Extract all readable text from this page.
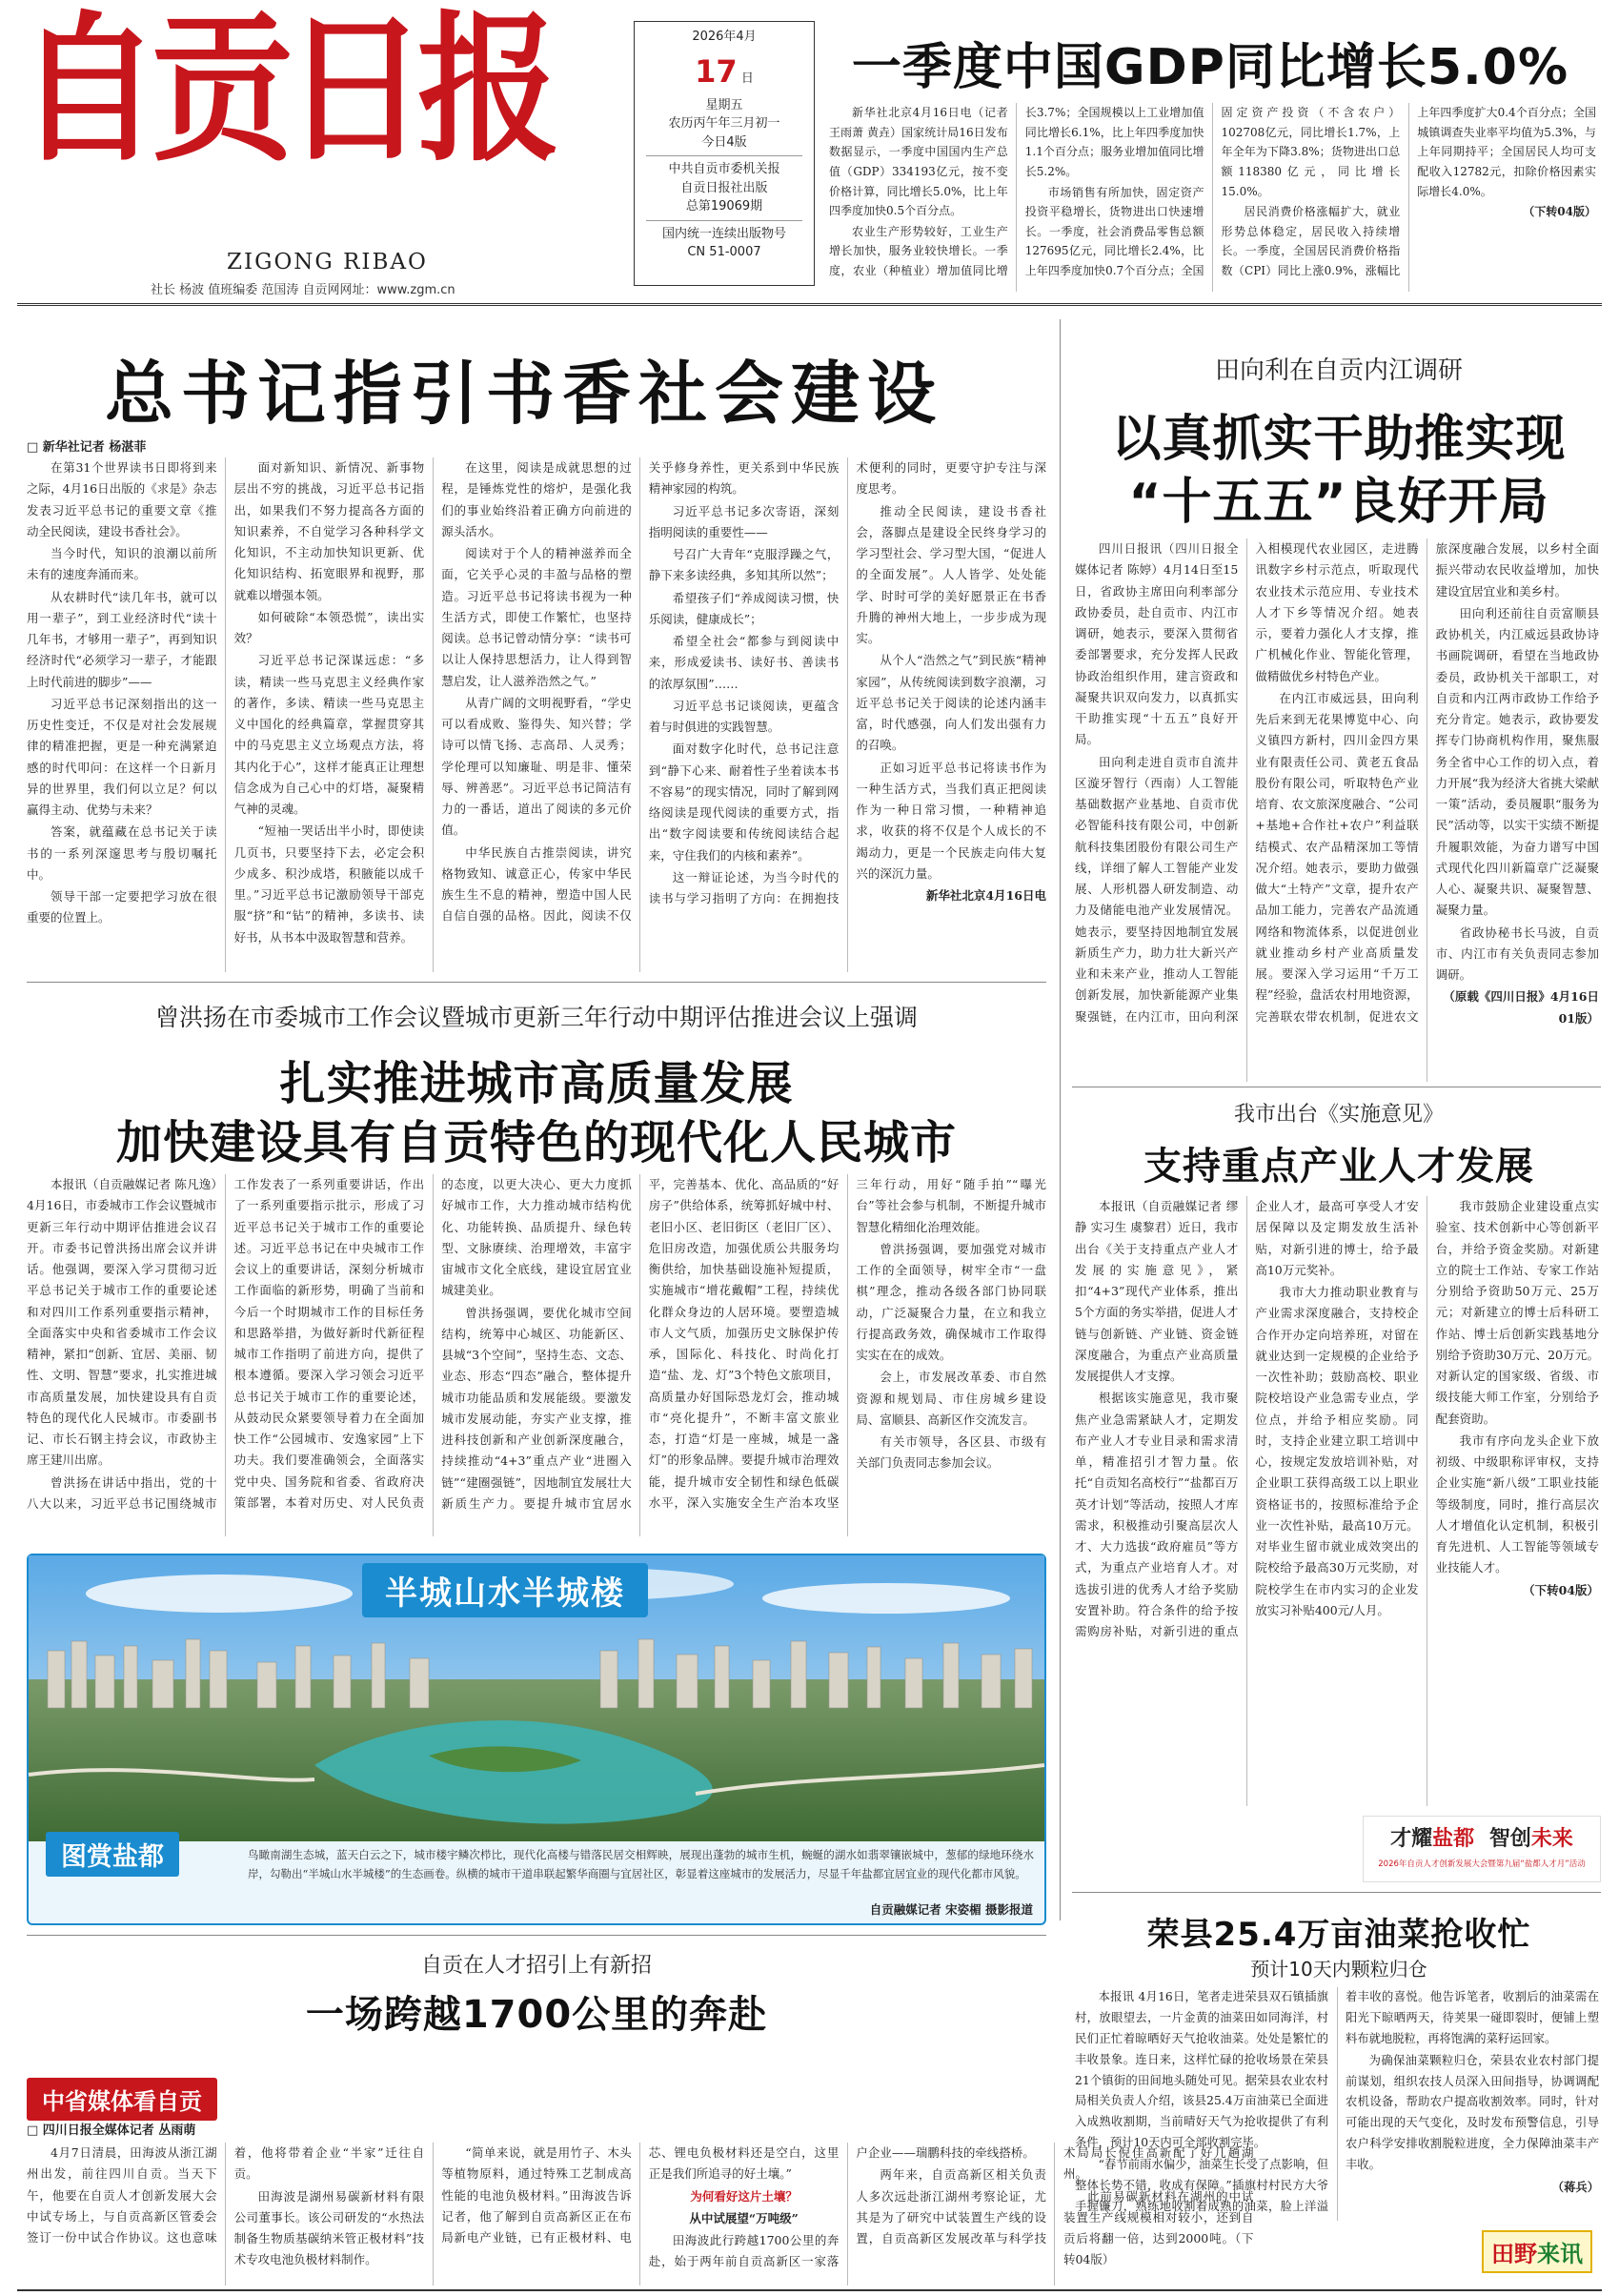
自贡日报
ZIGONG RIBAO
社长 杨波 值班编委 范国涛 自贡网网址：www.zgm.cn
2026年4月
17 日
星期五
农历丙午年三月初一
今日4版
中共自贡市委机关报
自贡日报社出版
总第19069期
国内统一连续出版物号
CN 51-0007
一季度中国GDP同比增长5.0%

新华社北京4月16日电（记者 王雨萧 黄垚）国家统计局16日发布数据显示，一季度中国国内生产总值（GDP）334193亿元，按不变价格计算，同比增长5.0%，比上年四季度加快0.5个百分点。

农业生产形势较好，工业生产增长加快，服务业较快增长。一季度，农业（种植业）增加值同比增长3.7%；全国规模以上工业增加值同比增长6.1%，比上年四季度加快1.1个百分点；服务业增加值同比增长5.2%。

市场销售有所加快，固定资产投资平稳增长，货物进出口快速增长。一季度，社会消费品零售总额127695亿元，同比增长2.4%，比上年四季度加快0.7个百分点；全国固定资产投资（不含农户）102708亿元，同比增长1.7%，上年全年为下降3.8%；货物进出口总额118380亿元，同比增长15.0%。

居民消费价格涨幅扩大，就业形势总体稳定，居民收入持续增长。一季度，全国居民消费价格指数（CPI）同比上涨0.9%，涨幅比上年四季度扩大0.4个百分点；全国城镇调查失业率平均值为5.3%，与上年同期持平；全国居民人均可支配收入12782元，扣除价格因素实际增长4.0%。

（下转04版）

总书记指引书香社会建设
□ 新华社记者 杨湛菲

在第31个世界读书日即将到来之际，4月16日出版的《求是》杂志发表习近平总书记的重要文章《推动全民阅读，建设书香社会》。

当今时代，知识的浪潮以前所未有的速度奔涌而来。

从农耕时代“读几年书，就可以用一辈子”，到工业经济时代“读十几年书，才够用一辈子”，再到知识经济时代“必须学习一辈子，才能跟上时代前进的脚步”——

习近平总书记深刻指出的这一历史性变迁，不仅是对社会发展规律的精准把握，更是一种充满紧迫感的时代叩问：在这样一个日新月异的世界里，我们何以立足？何以赢得主动、优势与未来？

答案，就蕴藏在总书记关于读书的一系列深邃思考与殷切嘱托中。

领导干部一定要把学习放在很重要的位置上。

面对新知识、新情况、新事物层出不穷的挑战，习近平总书记指出，如果我们不努力提高各方面的知识素养，不自觉学习各种科学文化知识，不主动加快知识更新、优化知识结构、拓宽眼界和视野，那就难以增强本领。

如何破除“本领恐慌”，读出实效？

习近平总书记深谋远虑：“多读，精读一些马克思主义经典作家的著作，多读、精读一些马克思主义中国化的经典篇章，掌握贯穿其中的马克思主义立场观点方法，将其内化于心”，这样才能真正让理想信念成为自己心中的灯塔，凝聚精气神的灵魂。

“短袖一哭话出半小时，即使读几页书，只要坚持下去，必定会积少成多、积沙成塔，积腋能以成千里。”习近平总书记激励领导干部克服“挤”和“钻”的精神，多读书、读好书，从书本中汲取智慧和营养。

在这里，阅读是成就思想的过程，是锤炼党性的熔炉，是强化我们的事业始终沿着正确方向前进的源头活水。

阅读对于个人的精神滋养而全面，它关乎心灵的丰盈与品格的塑造。习近平总书记将读书视为一种生活方式，即使工作繁忙，也坚持阅读。总书记曾动情分享：“读书可以让人保持思想活力，让人得到智慧启发，让人滋养浩然之气。”

从青广阔的文明视野看，“学史可以看成败、鉴得失、知兴替；学诗可以情飞扬、志高昂、人灵秀；学伦理可以知廉耻、明是非、懂荣辱、辨善恶”。习近平总书记简洁有力的一番话，道出了阅读的多元价值。

中华民族自古推崇阅读，讲究格物致知、诚意正心，传家中华民族生生不息的精神，塑造中国人民自信自强的品格。因此，阅读不仅关乎修身养性，更关系到中华民族精神家园的构筑。

习近平总书记多次寄语，深刻指明阅读的重要性——

号召广大青年“克服浮躁之气，静下来多读经典，多知其所以然”；

希望孩子们“养成阅读习惯，快乐阅读，健康成长”；

希望全社会“都参与到阅读中来，形成爱读书、读好书、善读书的浓厚氛围”……

习近平总书记谈阅读，更蕴含着与时俱进的实践智慧。

面对数字化时代，总书记注意到“静下心来、耐着性子坐着读本书不容易”的现实情况，同时了解到网络阅读是现代阅读的重要方式，指出“数字阅读要和传统阅读结合起来，守住我们的内核和素养”。

这一辩证论述，为当今时代的读书与学习指明了方向：在拥抱技术便利的同时，更要守护专注与深度思考。

推动全民阅读，建设书香社会，落脚点是建设全民终身学习的学习型社会、学习型大国，“促进人的全面发展”。人人皆学、处处能学、时时可学的美好愿景正在书香升腾的神州大地上，一步步成为现实。

从个人“浩然之气”到民族“精神家园”，从传统阅读到数字浪潮，习近平总书记关于阅读的论述内涵丰富，时代感强，向人们发出强有力的召唤。

正如习近平总书记将读书作为一种生活方式，当我们真正把阅读作为一种日常习惯，一种精神追求，收获的将不仅是个人成长的不竭动力，更是一个民族走向伟大复兴的深沉力量。

新华社北京4月16日电

田向利在自贡内江调研
以真抓实干助推实现
“十五五”良好开局

四川日报讯（四川日报全媒体记者 陈婷）4月14日至15日，省政协主席田向利率部分政协委员，赴自贡市、内江市调研，她表示，要深入贯彻省委部署要求，充分发挥人民政协政治组织作用，建言资政和凝聚共识双向发力，以真抓实干助推实现“十五五”良好开局。

田向利走进自贡市自流井区漩牙智行（西南）人工智能基础数据产业基地、自贡市优必智能科技有限公司，中创新航科技集团股份有限公司生产线，详细了解人工智能产业发展、人形机器人研发制造、动力及储能电池产业发展情况。她表示，要坚持因地制宜发展新质生产力，助力壮大新兴产业和未来产业，推动人工智能创新发展，加快新能源产业集聚强链，在内江市，田向利深入相模现代农业园区，走进腾讯数字乡村示范点，听取现代农业技术示范应用、专业技术人才下乡等情况介绍。她表示，要着力强化人才支撑，推广机械化作业、智能化管理，做精做优乡村特色产业。

在内江市威远县，田向利先后来到无花果博览中心、向义镇四方新村，四川金四方果业有限责任公司、黄老五食品股份有限公司，听取特色产业培育、农文旅深度融合、“公司+基地+合作社+农户”利益联结模式、农产品精深加工等情况介绍。她表示，要助力做强做大“土特产”文章，提升农产品加工能力，完善农产品流通网络和物流体系，以促进创业就业推动乡村产业高质量发展。要深入学习运用“千万工程”经验，盘活农村用地资源，完善联农带农机制，促进农文旅深度融合发展，以乡村全面振兴带动农民收益增加，加快建设宜居宜业和美乡村。

田向利还前往自贡富顺县政协机关，内江威远县政协诗书画院调研，看望在当地政协委员，政协机关干部职工，对自贡和内江两市政协工作给予充分肯定。她表示，政协要发挥专门协商机构作用，聚焦服务全省中心工作的切入点，着力开展“我为经济大省挑大梁献一策”活动，委员履职“服务为民”活动等，以实干实绩不断提升履职效能，为奋力谱写中国式现代化四川新篇章广泛凝聚人心、凝聚共识、凝聚智慧、凝聚力量。

省政协秘书长马波，自贡市、内江市有关负责同志参加调研。

（原载《四川日报》4月16日01版）

曾洪扬在市委城市工作会议暨城市更新三年行动中期评估推进会议上强调
扎实推进城市高质量发展
加快建设具有自贡特色的现代化人民城市

本报讯（自贡融媒记者 陈凡逸）4月16日，市委城市工作会议暨城市更新三年行动中期评估推进会议召开。市委书记曾洪扬出席会议并讲话。他强调，要深入学习贯彻习近平总书记关于城市工作的重要论述和对四川工作系列重要指示精神，全面落实中央和省委城市工作会议精神，紧扣“创新、宜居、美丽、韧性、文明、智慧”要求，扎实推进城市高质量发展，加快建设具有自贡特色的现代化人民城市。市委副书记、市长石钢主持会议，市政协主席王建川出席。

曾洪扬在讲话中指出，党的十八大以来，习近平总书记围绕城市工作发表了一系列重要讲话，作出了一系列重要指示批示，形成了习近平总书记关于城市工作的重要论述。习近平总书记在中央城市工作会议上的重要讲话，深刻分析城市工作面临的新形势，明确了当前和今后一个时期城市工作的目标任务和思路举措，为做好新时代新征程城市工作指明了前进方向，提供了根本遵循。要深入学习领会习近平总书记关于城市工作的重要论述，从鼓动民众紧要领导着力在全面加快工作“公园城市、安逸家园”上下功夫。我们要准确领会，全面落实党中央、国务院和省委、省政府决策部署，本着对历史、对人民负责的态度，以更大决心、更大力度抓好城市工作，大力推动城市结构优化、功能转换、品质提升、绿色转型、文脉赓续、治理增效，丰富宇宙城市文化全底线，建设宜居宜业城建美业。

曾洪扬强调，要优化城市空间结构，统筹中心城区、功能新区、县城“3个空间”，坚持生态、文态、业态、形态“四态”融合，整体提升城市功能品质和发展能级。要激发城市发展动能，夯实产业支撑，推进科技创新和产业创新深度融合，持续推动“4+3”重点产业“进圈入链”“建圈强链”，因地制宜发展壮大新质生产力。要提升城市宜居水平，完善基本、优化、高品质的“好房子”供给体系，统筹抓好城中村、老旧小区、老旧街区（老旧厂区）、危旧房改造，加强优质公共服务均衡供给，加快基础设施补短提质，实施城市“增花戴帽”工程，持续优化群众身边的人居环境。要塑造城市人文气质，加强历史文脉保护传承，国际化、科技化、时尚化打造“盐、龙、灯”3个特色文旅项目，高质量办好国际恐龙灯会，推动城市“亮化提升”，不断丰富文旅业态，打造“灯是一座城，城是一盏灯”的形象品牌。要提升城市治理效能，提升城市安全韧性和绿色低碳水平，深入实施安全生产治本攻坚三年行动，用好“随手拍”“曝光台”等社会参与机制，不断提升城市智慧化精细化治理效能。

曾洪扬强调，要加强党对城市工作的全面领导，树牢全市“一盘棋”理念，推动各级各部门协同联动，广泛凝聚合力量，在立和我立行提高政务效，确保城市工作取得实实在在的成效。

会上，市发展改革委、市自然资源和规划局、市住房城乡建设局、富顺县、高新区作交流发言。

有关市领导，各区县、市级有关部门负责同志参加会议。

半城山水半城楼
图赏盐都	鸟瞰南湖生态城，蓝天白云之下，城市楼宇鳞次栉比，现代化高楼与错落民居交相辉映，展现出蓬勃的城市生机，蜿蜒的湖水如翡翠镶嵌城中，葱郁的绿地环绕水岸，勾勒出“半城山水半城楼”的生态画卷。纵横的城市干道串联起繁华商圈与宜居社区，彰显着这座城市的发展活力，尽显千年盐都宜居宜业的现代化都市风貌。
自贡融媒记者 宋姿楣 摄影报道
我市出台《实施意见》
支持重点产业人才发展

本报讯（自贡融媒记者 缪静 实习生 虞黎君）近日，我市出台《关于支持重点产业人才发展的实施意见》，紧扣“4+3”现代产业体系，推出5个方面的务实举措，促进人才链与创新链、产业链、资金链深度融合，为重点产业高质量发展提供人才支撑。

根据该实施意见，我市聚焦产业急需紧缺人才，定期发布产业人才专业目录和需求清单，精准招引才智力量。依托“自贡知名高校行”“盐都百万英才计划”等活动，按照人才库需求，积极推动引聚高层次人才、大力选拔“政府雇员”等方式，为重点产业培育人才。对选拔引进的优秀人才给予奖励安置补助。符合条件的给予按需购房补贴，对新引进的重点企业人才，最高可享受人才安居保障以及定期发放生活补贴，对新引进的博士，给予最高10万元奖补。

我市大力推动职业教育与产业需求深度融合，支持校企合作开办定向培养班，对留在就业达到一定规模的企业给予一次性补助；鼓励高校、职业院校培设产业急需专业点，学位点，并给予相应奖励。同时，支持企业建立职工培训中心，按规定发放培训补贴，对企业职工获得高级工以上职业资格证书的，按照标准给予企业一次性补贴，最高10万元。对毕业生留市就业成效突出的院校给予最高30万元奖励，对院校学生在市内实习的企业发放实习补贴400元/人月。

我市鼓励企业建设重点实验室、技术创新中心等创新平台，并给予资金奖励。对新建立的院士工作站、专家工作站分别给予资助50万元、25万元；对新建立的博士后科研工作站、博士后创新实践基地分别给予资助30万元、20万元。对新认定的国家级、省级、市级技能大师工作室，分别给予配套资助。

我市有序向龙头企业下放初级、中级职称评审权，支持企业实施“新八级”工职业技能等级制度，同时，推行高层次人才增值化认定机制，积极引育先进机、人工智能等领域专业技能人才。

（下转04版）

才耀盐都 智创未来
2026年自贡人才创新发展大会暨第九届“盐都人才月”活动
自贡在人才招引上有新招
一场跨越1700公里的奔赴
中省媒体看自贡
□ 四川日报全媒体记者 丛雨萌

4月7日清晨，田海波从浙江湖州出发，前往四川自贡。当天下午，他要在自贡人才创新发展大会中试专场上，与自贡高新区管委会签订一份中试合作协议。这也意味着，他将带着企业“半家”迁往自贡。

田海波是湖州易碳新材料有限公司董事长。该公司研发的“水热法制备生物质基碳纳米管正极材料”技术专攻电池负极材料制作。

“简单来说，就是用竹子、木头等植物原料，通过特殊工艺制成高性能的电池负极材料。”田海波告诉记者，他了解到自贡高新区正在布局新电产业链，已有正极材料、电芯、锂电负极材料还是空白，这里正是我们所追寻的好土壤。”

为何看好这片土壤？

从中试展望“万吨级”

田海波此行跨越1700公里的奔赴，始于两年前自贡高新区一家落户企业——瑞鹏科技的牵线搭桥。

两年来，自贡高新区相关负责人多次远赴浙江湖州考察论证，尤其是为了研究中试装置生产线的设置，自贡高新区发展改革与科学技术局局长倪佳高新配了好几趟湖州。

此前易碳新材料在湖州的中试装置生产线规模相对较小，还到自贡后将翻一倍，达到2000吨。（下转04版）

荣县25.4万亩油菜抢收忙
预计10天内颗粒归仓

本报讯 4月16日，笔者走进荣县双石镇插旗村，放眼望去，一片金黄的油菜田如同海洋，村民们正忙着晾晒好天气抢收油菜。处处是繁忙的丰收景象。连日来，这样忙碌的抢收场景在荣县21个镇街的田间地头随处可见。据荣县农业农村局相关负责人介绍，该县25.4万亩油菜已全面进入成熟收割期，当前晴好天气为抢收提供了有利条件，预计10天内可全部收割完毕。

“春节前雨水偏少，油菜生长受了点影响，但整体长势不错，收成有保障。”插旗村村民方大爷手握镰刀，熟练地收割着成熟的油菜，脸上洋溢着丰收的喜悦。他告诉笔者，收割后的油菜需在阳光下晾晒两天，待荚果一碰即裂时，便铺上塑料布就地脱粒，再将饱满的菜籽运回家。

为确保油菜颗粒归仓，荣县农业农村部门提前谋划，组织农技人员深入田间指导，协调调配农机设备，帮助农户提高收割效率。同时，针对可能出现的天气变化，及时发布预警信息，引导农户科学安排收割脱粒进度，全力保障油菜丰产丰收。

（蒋兵）

田野来讯
